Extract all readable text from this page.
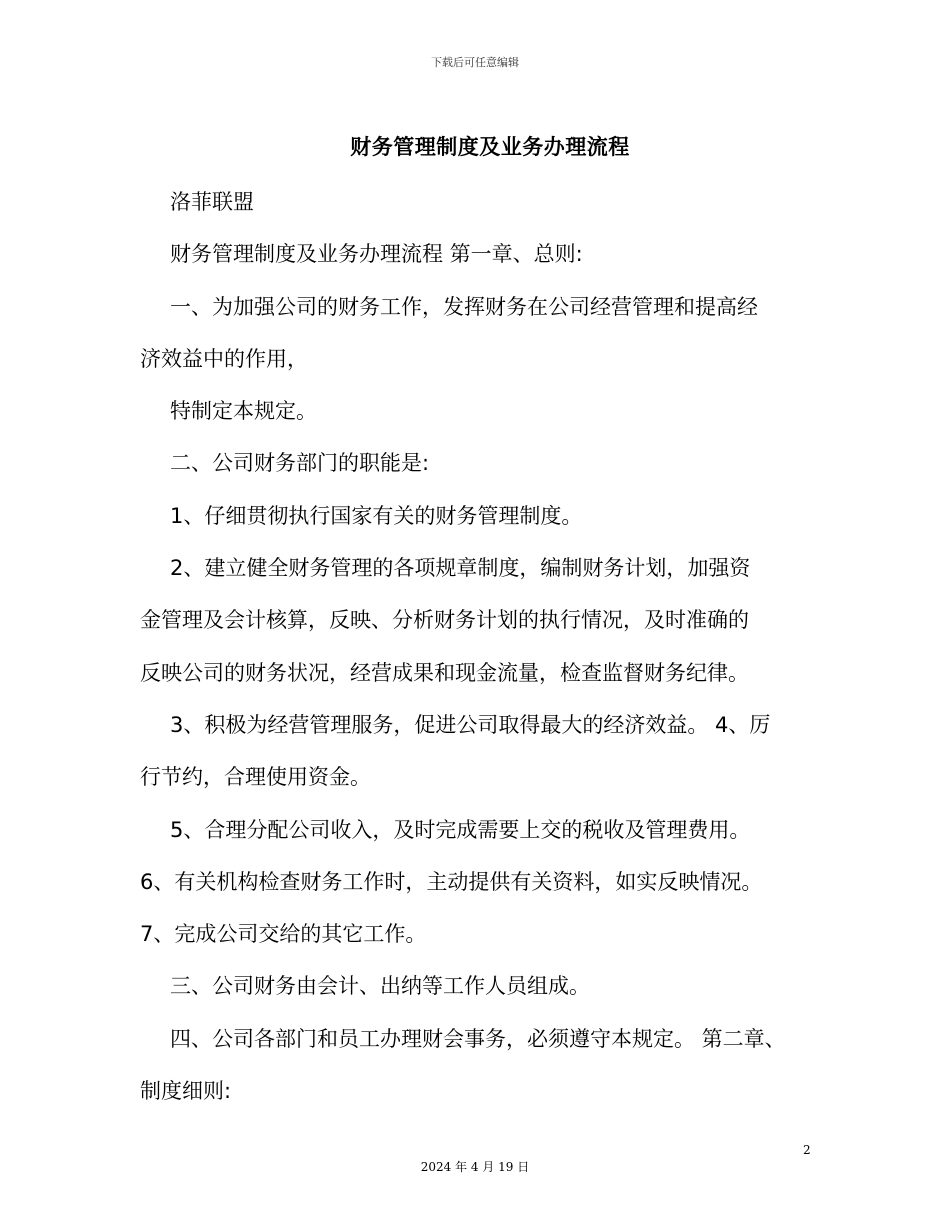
下载后可任意编辑
财务管理制度及业务办理流程

洛菲联盟

财务管理制度及业务办理流程 第一章、总则:

一、为加强公司的财务工作，发挥财务在公司经营管理和提高经

济效益中的作用，

特制定本规定。

二、公司财务部门的职能是:

1、仔细贯彻执行国家有关的财务管理制度。

2、建立健全财务管理的各项规章制度，编制财务计划，加强资

金管理及会计核算，反映、分析财务计划的执行情况，及时准确的

反映公司的财务状况，经营成果和现金流量，检查监督财务纪律。

3、积极为经营管理服务，促进公司取得最大的经济效益。 4、厉

行节约，合理使用资金。

5、合理分配公司收入，及时完成需要上交的税收及管理费用。

6、有关机构检查财务工作时，主动提供有关资料，如实反映情况。

7、完成公司交给的其它工作。

三、公司财务由会计、出纳等工作人员组成。

四、公司各部门和员工办理财会事务，必须遵守本规定。 第二章、

制度细则:

2
2024 年 4 月 19 日
